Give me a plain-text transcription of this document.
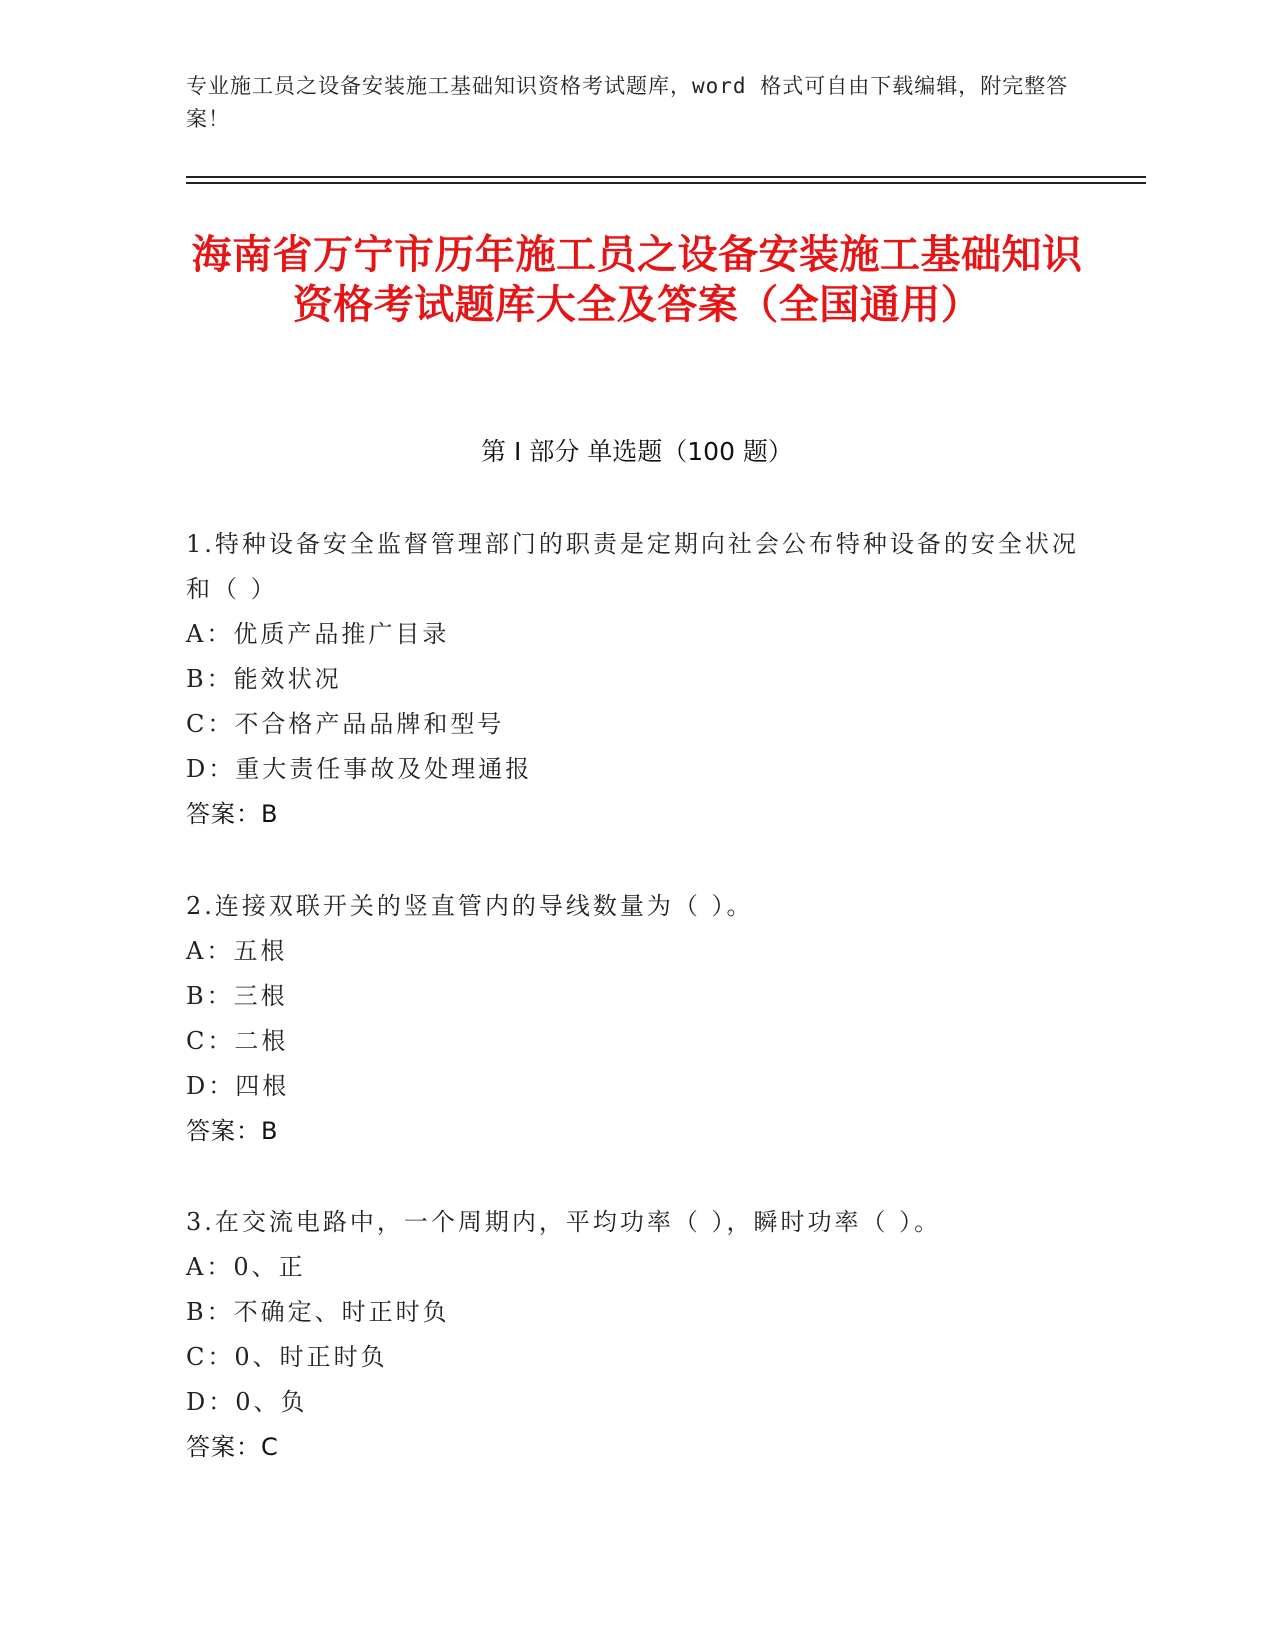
专业施工员之设备安装施工基础知识资格考试题库，word 格式可自由下载编辑，附完整答案！
海南省万宁市历年施工员之设备安装施工基础知识资格考试题库大全及答案（全国通用）
第 I 部分 单选题（100 题）
1.特种设备安全监督管理部门的职责是定期向社会公布特种设备的安全状况和（ ）
A：优质产品推广目录
B：能效状况
C：不合格产品品牌和型号
D：重大责任事故及处理通报
答案：B
2.连接双联开关的竖直管内的导线数量为（ ）。
A：五根
B：三根
C：二根
D：四根
答案：B
3.在交流电路中，一个周期内，平均功率（ ），瞬时功率（ ）。
A：0、正
B：不确定、时正时负
C：0、时正时负
D：0、负
答案：C
